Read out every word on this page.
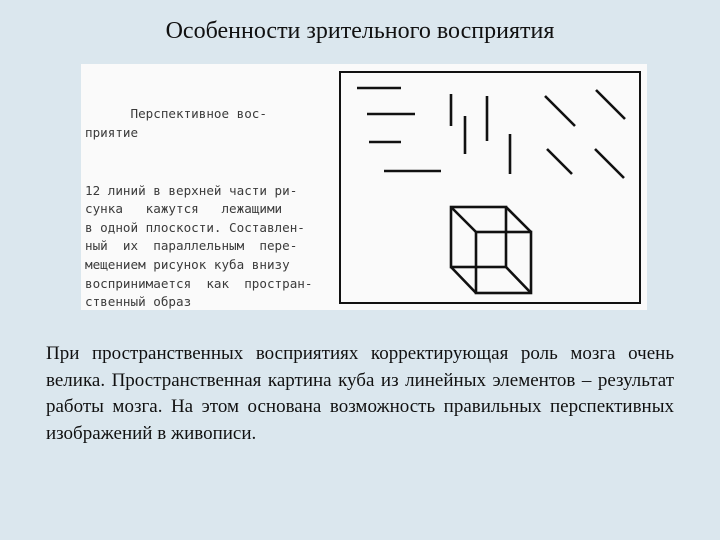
Особенности зрительного восприятия

Перспективное вос-
приятие

12 линий в верхней части ри-
сунка   кажутся   лежащими
в одной плоскости. Составлен-
ный  их  параллельным  пере-
мещением рисунок куба внизу
воспринимается  как  простран-
ственный образ

При пространственных восприятиях корректирующая роль мозга очень велика. Пространственная картина куба из линейных элементов – результат работы мозга. На этом основана возможность правильных перспективных изображений в живописи.
